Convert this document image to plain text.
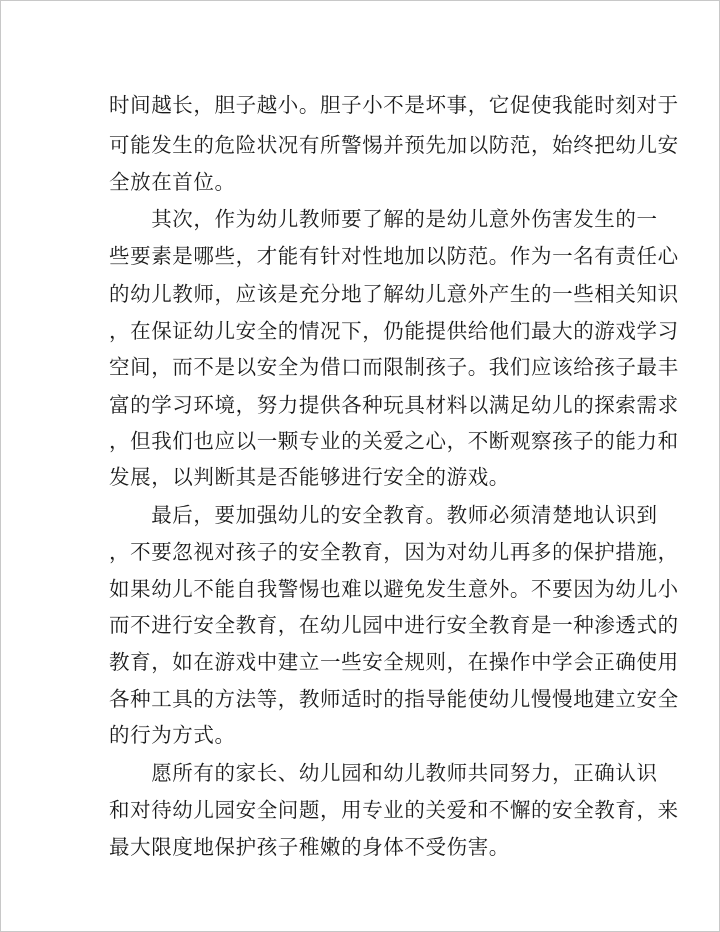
时间越长，胆子越小。胆子小不是坏事，它促使我能时刻对于
可能发生的危险状况有所警惕并预先加以防范，始终把幼儿安
全放在首位。
　　其次，作为幼儿教师要了解的是幼儿意外伤害发生的一
些要素是哪些，才能有针对性地加以防范。作为一名有责任心
的幼儿教师，应该是充分地了解幼儿意外产生的一些相关知识
，在保证幼儿安全的情况下，仍能提供给他们最大的游戏学习
空间，而不是以安全为借口而限制孩子。我们应该给孩子最丰
富的学习环境，努力提供各种玩具材料以满足幼儿的探索需求
，但我们也应以一颗专业的关爱之心，不断观察孩子的能力和
发展，以判断其是否能够进行安全的游戏。
　　最后，要加强幼儿的安全教育。教师必须清楚地认识到
，不要忽视对孩子的安全教育，因为对幼儿再多的保护措施，
如果幼儿不能自我警惕也难以避免发生意外。不要因为幼儿小
而不进行安全教育，在幼儿园中进行安全教育是一种渗透式的
教育，如在游戏中建立一些安全规则，在操作中学会正确使用
各种工具的方法等，教师适时的指导能使幼儿慢慢地建立安全
的行为方式。
　　愿所有的家长、幼儿园和幼儿教师共同努力，正确认识
和对待幼儿园安全问题，用专业的关爱和不懈的安全教育，来
最大限度地保护孩子稚嫩的身体不受伤害。
